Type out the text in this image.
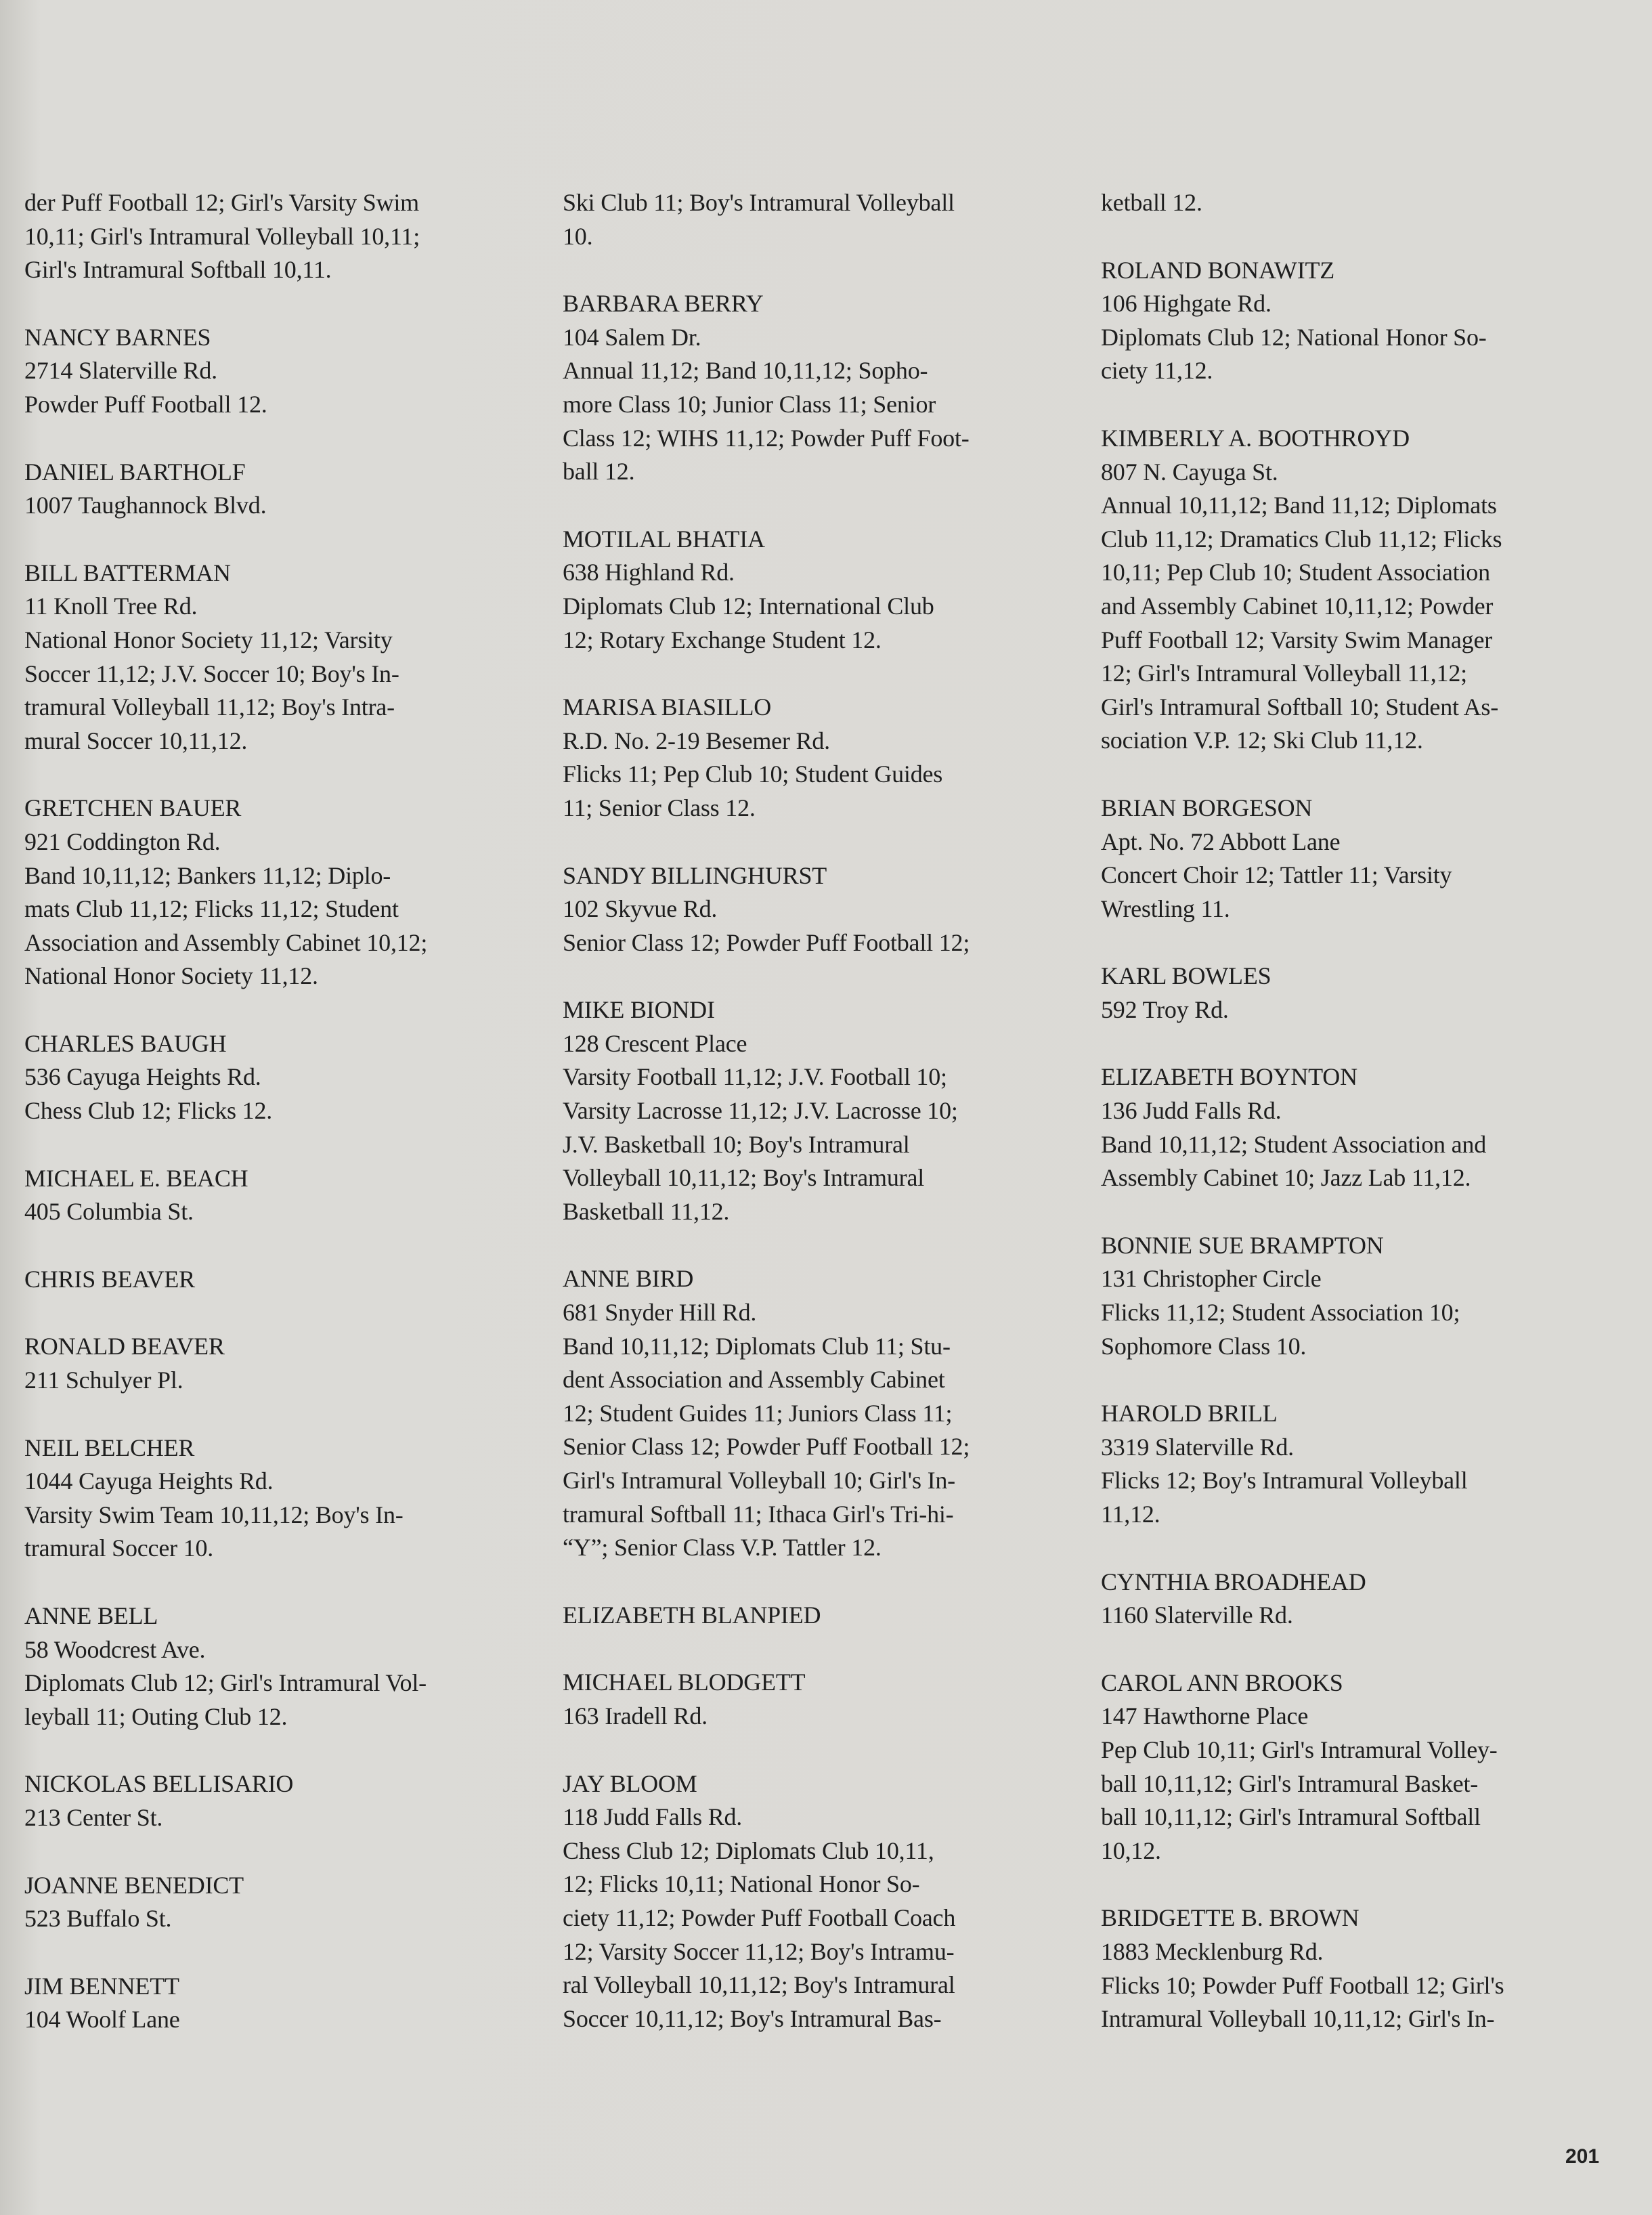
der Puff Football 12; Girl's Varsity Swim
10,11; Girl's Intramural Volleyball 10,11;
Girl's Intramural Softball 10,11.
NANCY BARNES
2714 Slaterville Rd.
Powder Puff Football 12.
DANIEL BARTHOLF
1007 Taughannock Blvd.
BILL BATTERMAN
11 Knoll Tree Rd.
National Honor Society 11,12; Varsity
Soccer 11,12; J.V. Soccer 10; Boy's In-
tramural Volleyball 11,12; Boy's Intra-
mural Soccer 10,11,12.
GRETCHEN BAUER
921 Coddington Rd.
Band 10,11,12; Bankers 11,12; Diplo-
mats Club 11,12; Flicks 11,12; Student
Association and Assembly Cabinet 10,12;
National Honor Society 11,12.
CHARLES BAUGH
536 Cayuga Heights Rd.
Chess Club 12; Flicks 12.
MICHAEL E. BEACH
405 Columbia St.
CHRIS BEAVER
RONALD BEAVER
211 Schulyer Pl.
NEIL BELCHER
1044 Cayuga Heights Rd.
Varsity Swim Team 10,11,12; Boy's In-
tramural Soccer 10.
ANNE BELL
58 Woodcrest Ave.
Diplomats Club 12; Girl's Intramural Vol-
leyball 11; Outing Club 12.
NICKOLAS BELLISARIO
213 Center St.
JOANNE BENEDICT
523 Buffalo St.
JIM BENNETT
104 Woolf Lane
Ski Club 11; Boy's Intramural Volleyball
10.
BARBARA BERRY
104 Salem Dr.
Annual 11,12; Band 10,11,12; Sopho-
more Class 10; Junior Class 11; Senior
Class 12; WIHS 11,12; Powder Puff Foot-
ball 12.
MOTILAL BHATIA
638 Highland Rd.
Diplomats Club 12; International Club
12; Rotary Exchange Student 12.
MARISA BIASILLO
R.D. No. 2-19 Besemer Rd.
Flicks 11; Pep Club 10; Student Guides
11; Senior Class 12.
SANDY BILLINGHURST
102 Skyvue Rd.
Senior Class 12; Powder Puff Football 12;
MIKE BIONDI
128 Crescent Place
Varsity Football 11,12; J.V. Football 10;
Varsity Lacrosse 11,12; J.V. Lacrosse 10;
J.V. Basketball 10; Boy's Intramural
Volleyball 10,11,12; Boy's Intramural
Basketball 11,12.
ANNE BIRD
681 Snyder Hill Rd.
Band 10,11,12; Diplomats Club 11; Stu-
dent Association and Assembly Cabinet
12; Student Guides 11; Juniors Class 11;
Senior Class 12; Powder Puff Football 12;
Girl's Intramural Volleyball 10; Girl's In-
tramural Softball 11; Ithaca Girl's Tri-hi-
“Y”; Senior Class V.P. Tattler 12.
ELIZABETH BLANPIED
MICHAEL BLODGETT
163 Iradell Rd.
JAY BLOOM
118 Judd Falls Rd.
Chess Club 12; Diplomats Club 10,11,
12; Flicks 10,11; National Honor So-
ciety 11,12; Powder Puff Football Coach
12; Varsity Soccer 11,12; Boy's Intramu-
ral Volleyball 10,11,12; Boy's Intramural
Soccer 10,11,12; Boy's Intramural Bas-
ketball 12.
ROLAND BONAWITZ
106 Highgate Rd.
Diplomats Club 12; National Honor So-
ciety 11,12.
KIMBERLY A. BOOTHROYD
807 N. Cayuga St.
Annual 10,11,12; Band 11,12; Diplomats
Club 11,12; Dramatics Club 11,12; Flicks
10,11; Pep Club 10; Student Association
and Assembly Cabinet 10,11,12; Powder
Puff Football 12; Varsity Swim Manager
12; Girl's Intramural Volleyball 11,12;
Girl's Intramural Softball 10; Student As-
sociation V.P. 12; Ski Club 11,12.
BRIAN BORGESON
Apt. No. 72 Abbott Lane
Concert Choir 12; Tattler 11; Varsity
Wrestling 11.
KARL BOWLES
592 Troy Rd.
ELIZABETH BOYNTON
136 Judd Falls Rd.
Band 10,11,12; Student Association and
Assembly Cabinet 10; Jazz Lab 11,12.
BONNIE SUE BRAMPTON
131 Christopher Circle
Flicks 11,12; Student Association 10;
Sophomore Class 10.
HAROLD BRILL
3319 Slaterville Rd.
Flicks 12; Boy's Intramural Volleyball
11,12.
CYNTHIA BROADHEAD
1160 Slaterville Rd.
CAROL ANN BROOKS
147 Hawthorne Place
Pep Club 10,11; Girl's Intramural Volley-
ball 10,11,12; Girl's Intramural Basket-
ball 10,11,12; Girl's Intramural Softball
10,12.
BRIDGETTE B. BROWN
1883 Mecklenburg Rd.
Flicks 10; Powder Puff Football 12; Girl's
Intramural Volleyball 10,11,12; Girl's In-
201
